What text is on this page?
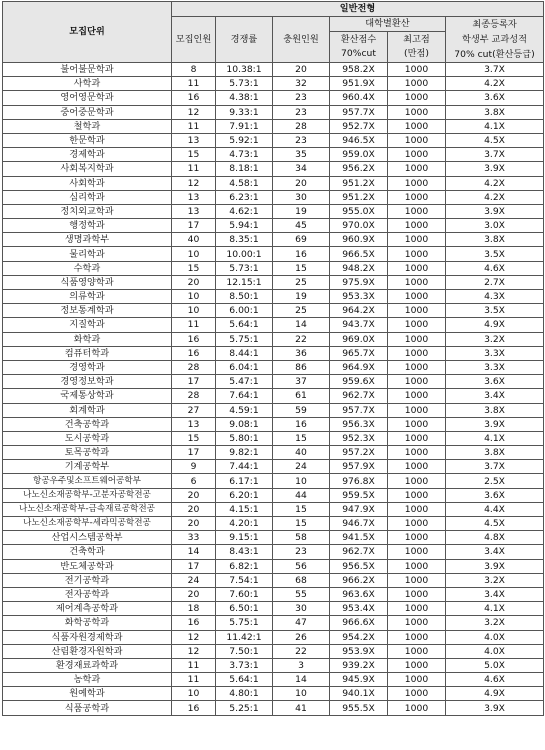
모집단위	일반전형					
	모집인원	경쟁률	충원인원	대학별환산		최종등록자
학생부 교과성적
70% cut(환산등급)
				환산점수
70%cut	최고점
(만점)	
불어불문학과	8	10.38:1	20	958.2X	1000	3.7X
사학과	11	5.73:1	32	951.9X	1000	4.2X
영어영문학과	16	4.38:1	23	960.4X	1000	3.6X
중어중문학과	12	9.33:1	23	957.7X	1000	3.8X
철학과	11	7.91:1	28	952.7X	1000	4.1X
한문학과	13	5.92:1	23	946.5X	1000	4.5X
경제학과	15	4.73:1	35	959.0X	1000	3.7X
사회복지학과	11	8.18:1	34	956.2X	1000	3.9X
사회학과	12	4.58:1	20	951.2X	1000	4.2X
심리학과	13	6.23:1	30	951.2X	1000	4.2X
정치외교학과	13	4.62:1	19	955.0X	1000	3.9X
행정학과	17	5.94:1	45	970.0X	1000	3.0X
생명과학부	40	8.35:1	69	960.9X	1000	3.8X
물리학과	10	10.00:1	16	966.5X	1000	3.5X
수학과	15	5.73:1	15	948.2X	1000	4.6X
식품영양학과	20	12.15:1	25	975.9X	1000	2.7X
의류학과	10	8.50:1	19	953.3X	1000	4.3X
정보통계학과	10	6.00:1	25	964.2X	1000	3.5X
지질학과	11	5.64:1	14	943.7X	1000	4.9X
화학과	16	5.75:1	22	969.0X	1000	3.2X
컴퓨터학과	16	8.44:1	36	965.7X	1000	3.3X
경영학과	28	6.04:1	86	964.9X	1000	3.3X
경영정보학과	17	5.47:1	37	959.6X	1000	3.6X
국제통상학과	28	7.64:1	61	962.7X	1000	3.4X
회계학과	27	4.59:1	59	957.7X	1000	3.8X
건축공학과	13	9.08:1	16	956.3X	1000	3.9X
도시공학과	15	5.80:1	15	952.3X	1000	4.1X
토목공학과	17	9.82:1	40	957.2X	1000	3.8X
기계공학부	9	7.44:1	24	957.9X	1000	3.7X
항공우주및소프트웨어공학부	6	6.17:1	10	976.8X	1000	2.5X
나노신소재공학부-고분자공학전공	20	6.20:1	44	959.5X	1000	3.6X
나노신소재공학부-금속재료공학전공	20	4.15:1	15	947.9X	1000	4.4X
나노신소재공학부-세라믹공학전공	20	4.20:1	15	946.7X	1000	4.5X
산업시스템공학부	33	9.15:1	58	941.5X	1000	4.8X
건축학과	14	8.43:1	23	962.7X	1000	3.4X
반도체공학과	17	6.82:1	56	956.5X	1000	3.9X
전기공학과	24	7.54:1	68	966.2X	1000	3.2X
전자공학과	20	7.60:1	55	963.6X	1000	3.4X
제어계측공학과	18	6.50:1	30	953.4X	1000	4.1X
화학공학과	16	5.75:1	47	966.6X	1000	3.2X
식품자원경제학과	12	11.42:1	26	954.2X	1000	4.0X
산림환경자원학과	12	7.50:1	22	953.9X	1000	4.0X
환경재료과학과	11	3.73:1	3	939.2X	1000	5.0X
농학과	11	5.64:1	14	945.9X	1000	4.6X
원예학과	10	4.80:1	10	940.1X	1000	4.9X
식품공학과	16	5.25:1	41	955.5X	1000	3.9X
